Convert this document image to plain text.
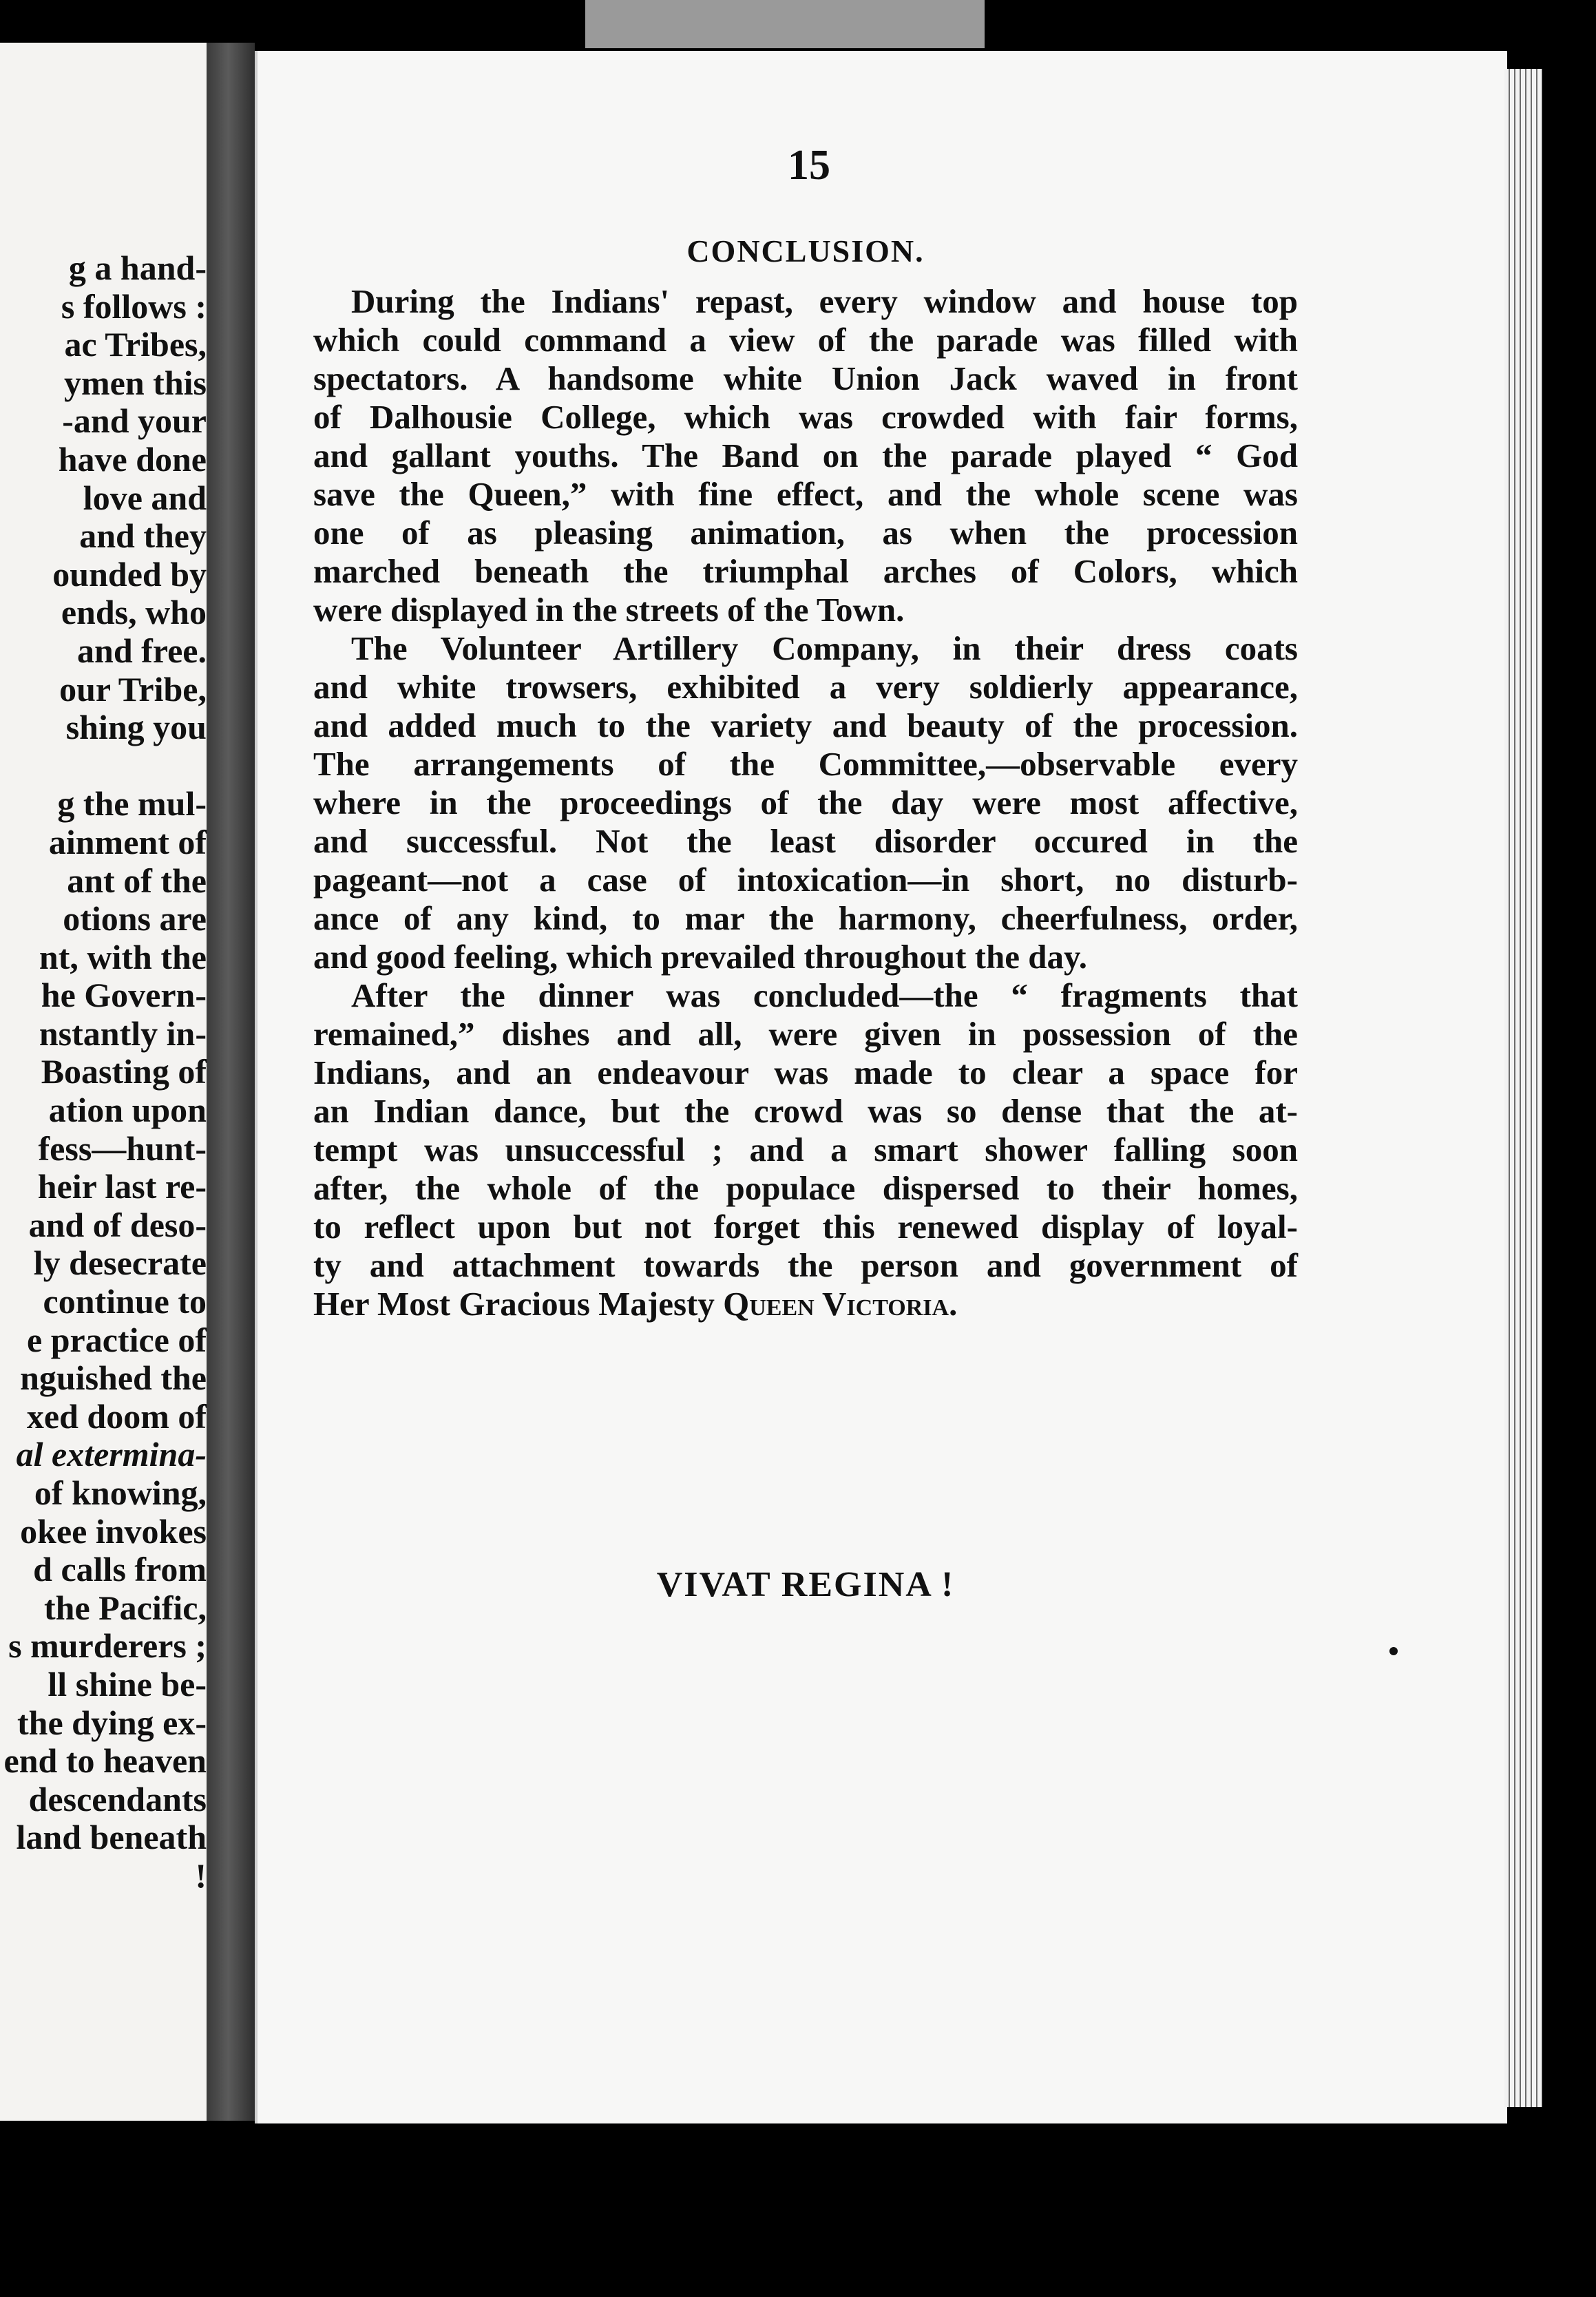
g a hand-
s follows :
ac Tribes,
ymen this
-and your
have done
love and
and they
ounded by
ends, who
and free.
our Tribe,
shing you
g the mul-
ainment of
ant of the
otions are
nt, with the
he Govern-
nstantly in-
Boasting of
ation upon
fess—hunt-
heir last re-
and of deso-
ly desecrate
continue to
e practice of
nguished the
xed doom of
al extermina-
of knowing,
okee invokes
d calls from
the Pacific,
s murderers ;
ll shine be-
the dying ex-
end to heaven
descendants
land beneath
!
15
CONCLUSION.
During the Indians' repast, every window and house top
which could command a view of the parade was filled with
spectators. A handsome white Union Jack waved in front
of Dalhousie College, which was crowded with fair forms,
and gallant youths. The Band on the parade played “ God
save the Queen,” with fine effect, and the whole scene was
one of as pleasing animation, as when the procession
marched beneath the triumphal arches of Colors, which
were displayed in the streets of the Town.
The Volunteer Artillery Company, in their dress coats
and white trowsers, exhibited a very soldierly appearance,
and added much to the variety and beauty of the procession.
The arrangements of the Committee,—observable every
where in the proceedings of the day were most affective,
and successful. Not the least disorder occured in the
pageant—not a case of intoxication—in short, no disturb-
ance of any kind, to mar the harmony, cheerfulness, order,
and good feeling, which prevailed throughout the day.
After the dinner was concluded—the “ fragments that
remained,” dishes and all, were given in possession of the
Indians, and an endeavour was made to clear a space for
an Indian dance, but the crowd was so dense that the at-
tempt was unsuccessful ; and a smart shower falling soon
after, the whole of the populace dispersed to their homes,
to reflect upon but not forget this renewed display of loyal-
ty and attachment towards the person and government of
Her Most Gracious Majesty Queen Victoria.
VIVAT REGINA !
